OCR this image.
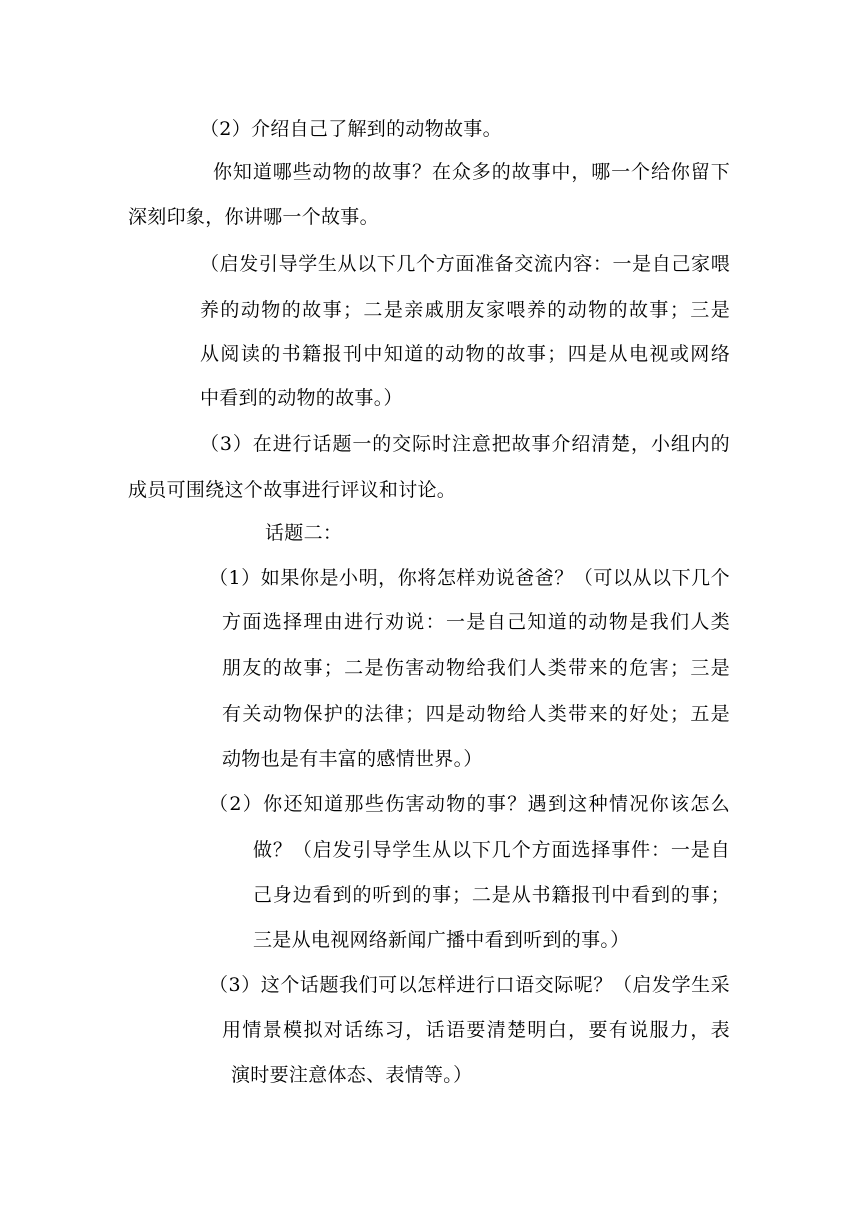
（2）介绍自己了解到的动物故事。
你知道哪些动物的故事？在众多的故事中，哪一个给你留下
深刻印象，你讲哪一个故事。
（启发引导学生从以下几个方面准备交流内容：一是自己家喂
养的动物的故事；二是亲戚朋友家喂养的动物的故事；三是
从阅读的书籍报刊中知道的动物的故事；四是从电视或网络
中看到的动物的故事。）
（3）在进行话题一的交际时注意把故事介绍清楚，小组内的
成员可围绕这个故事进行评议和讨论。
话题二：
（1）如果你是小明，你将怎样劝说爸爸？（可以从以下几个
方面选择理由进行劝说：一是自己知道的动物是我们人类
朋友的故事；二是伤害动物给我们人类带来的危害；三是
有关动物保护的法律；四是动物给人类带来的好处；五是
动物也是有丰富的感情世界。）
（2）你还知道那些伤害动物的事？遇到这种情况你该怎么
做？（启发引导学生从以下几个方面选择事件：一是自
己身边看到的听到的事；二是从书籍报刊中看到的事；
三是从电视网络新闻广播中看到听到的事。）
（3）这个话题我们可以怎样进行口语交际呢？（启发学生采
用情景模拟对话练习，话语要清楚明白，要有说服力，表
演时要注意体态、表情等。）
